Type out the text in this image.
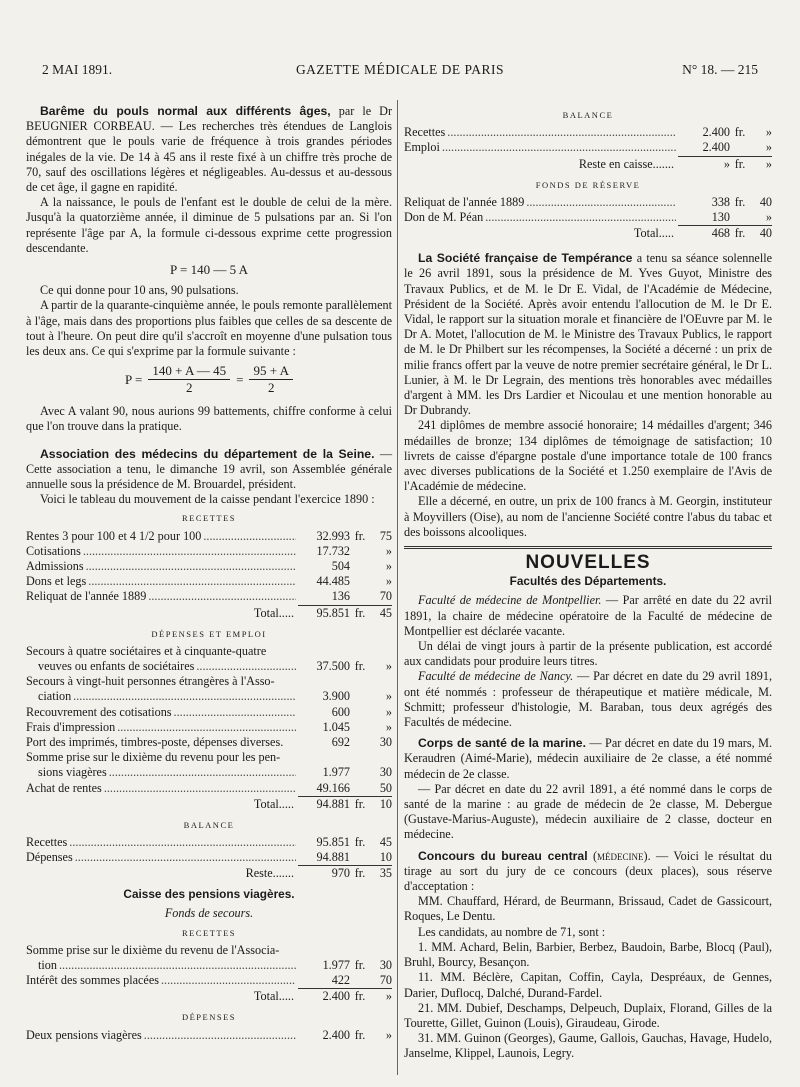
2 MAI 1891.	GAZETTE MÉDICALE DE PARIS	N° 18. — 215

Barême du pouls normal aux différents âges, par le Dr BEUGNIER CORBEAU. — Les recherches très étendues de Langlois démontrent que le pouls varie de fréquence à trois grandes périodes inégales de la vie. De 14 à 45 ans il reste fixé à un chiffre très proche de 70, sauf des oscillations légères et négligeables. Au-dessus et au-dessous de cet âge, il gagne en rapidité.

A la naissance, le pouls de l'enfant est le double de celui de la mère. Jusqu'à la quatorzième année, il diminue de 5 pulsations par an. Si l'on représente l'âge par A, la formule ci-dessous exprime cette progression descendante.

P = 140 — 5 A

Ce qui donne pour 10 ans, 90 pulsations.

A partir de la quarante-cinquième année, le pouls remonte parallèlement à l'âge, mais dans des proportions plus faibles que celles de sa descente de tout à l'heure. On peut dire qu'il s'accroît en moyenne d'une pulsation tous les deux ans. Ce qui s'exprime par la formule suivante :

$P = \frac{140 + A — 45}{2} = \frac{95 + A}{2}$

Avec A valant 90, nous aurions 99 battements, chiffre conforme à celui que l'on trouve dans la pratique.

Association des médecins du département de la Seine. — Cette association a tenu, le dimanche 19 avril, son Assemblée générale annuelle sous la présidence de M. Brouardel, président.

Voici le tableau du mouvement de la caisse pendant l'exercice 1890 :

RECETTES
Rentes 3 pour 100 et 4 1/2 pour 100 .....	32.993 fr.	75
Cotisations .....	17.732	»
Admissions .....	504	»
Dons et legs .....	44.485	»
Reliquat de l'année 1889 .....	136	70
Total.....	95.851 fr.	45
DÉPENSES ET EMPLOI
Secours à quatre sociétaires et à cinquante-quatre
veuves ou enfants de sociétaires .....	37.500 fr.	»
Secours à vingt-huit personnes étrangères à l'Asso-
ciation .....	3.900	»
Recouvrement des cotisations .....	600	»
Frais d'impression .....	1.045	»
Port des imprimés, timbres-poste, dépenses diverses.	692	30
Somme prise sur le dixième du revenu pour les pen-
sions viagères .....	1.977	30
Achat de rentes .....	49.166	50
Total.....	94.881 fr.	10
BALANCE
Recettes .....	95.851 fr.	45
Dépenses .....	94.881	10
Reste.......	970 fr.	35
Caisse des pensions viagères.
Fonds de secours.
RECETTES
Somme prise sur le dixième du revenu de l'Associa-
tion .....	1.977 fr.	30
Intérêt des sommes placées .....	422	70
Total.....	2.400 fr.	»
DÉPENSES
Deux pensions viagères .....	2.400 fr.	»
BALANCE
Recettes .....	2.400 fr.	»
Emploi .....	2.400	»
Reste en caisse.......	» fr.	»
FONDS DE RÉSERVE
Reliquat de l'année 1889 .....	338 fr.	40
Don de M. Péan .....	130	»
Total.....	468 fr.	40

La Société française de Tempérance a tenu sa séance solennelle le 26 avril 1891, sous la présidence de M. Yves Guyot, Ministre des Travaux Publics, et de M. le Dr E. Vidal, de l'Académie de Médecine, Président de la Société. Après avoir entendu l'allocution de M. le Dr E. Vidal, le rapport sur la situation morale et financière de l'OEuvre par M. le Dr A. Motet, l'allocution de M. le Ministre des Travaux Publics, le rapport de M. le Dr Philbert sur les récompenses, la Société a décerné : un prix de milie francs offert par la veuve de notre premier secrétaire général, le Dr L. Lunier, à M. le Dr Legrain, des mentions très honorables avec médailles d'argent à MM. les Drs Lardier et Nicoulau et une mention honorable au Dr Dubrandy.

241 diplômes de membre associé honoraire; 14 médailles d'argent; 346 médailles de bronze; 134 diplômes de témoignage de satisfaction; 10 livrets de caisse d'épargne postale d'une importance totale de 100 francs avec diverses publications de la Société et 1.250 exemplaire de l'Avis de l'Académie de médecine.

Elle a décerné, en outre, un prix de 100 francs à M. Georgin, instituteur à Moyvillers (Oise), au nom de l'ancienne Société contre l'abus du tabac et des boissons alcooliques.

NOUVELLES
Facultés des Départements.

Faculté de médecine de Montpellier. — Par arrêté en date du 22 avril 1891, la chaire de médecine opératoire de la Faculté de médecine de Montpellier est déclarée vacante.

Un délai de vingt jours à partir de la présente publication, est accordé aux candidats pour produire leurs titres.

Faculté de médecine de Nancy. — Par décret en date du 29 avril 1891, ont été nommés : professeur de thérapeutique et matière médicale, M. Schmitt; professeur d'histologie, M. Baraban, tous deux agrégés des Facultés de médecine.

Corps de santé de la marine. — Par décret en date du 19 mars, M. Keraudren (Aimé-Marie), médecin auxiliaire de 2e classe, a été nommé médecin de 2e classe.

— Par décret en date du 22 avril 1891, a été nommé dans le corps de santé de la marine : au grade de médecin de 2e classe, M. Debergue (Gustave-Marius-Auguste), médecin auxiliaire de 2 classe, docteur en médecine.

Concours du bureau central (médecine). — Voici le résultat du tirage au sort du jury de ce concours (deux places), sous réserve d'acceptation :

MM. Chauffard, Hérard, de Beurmann, Brissaud, Cadet de Gassicourt, Roques, Le Dentu.

Les candidats, au nombre de 71, sont :

1. MM. Achard, Belin, Barbier, Berbez, Baudoin, Barbe, Blocq (Paul), Bruhl, Bourcy, Besançon.

11. MM. Béclère, Capitan, Coffin, Cayla, Despréaux, de Gennes, Darier, Duflocq, Dalché, Durand-Fardel.

21. MM. Dubief, Deschamps, Delpeuch, Duplaix, Florand, Gilles de la Tourette, Gillet, Guinon (Louis), Giraudeau, Girode.

31. MM. Guinon (Georges), Gaume, Gallois, Gauchas, Havage, Hudelo, Janselme, Klippel, Launois, Legry.
